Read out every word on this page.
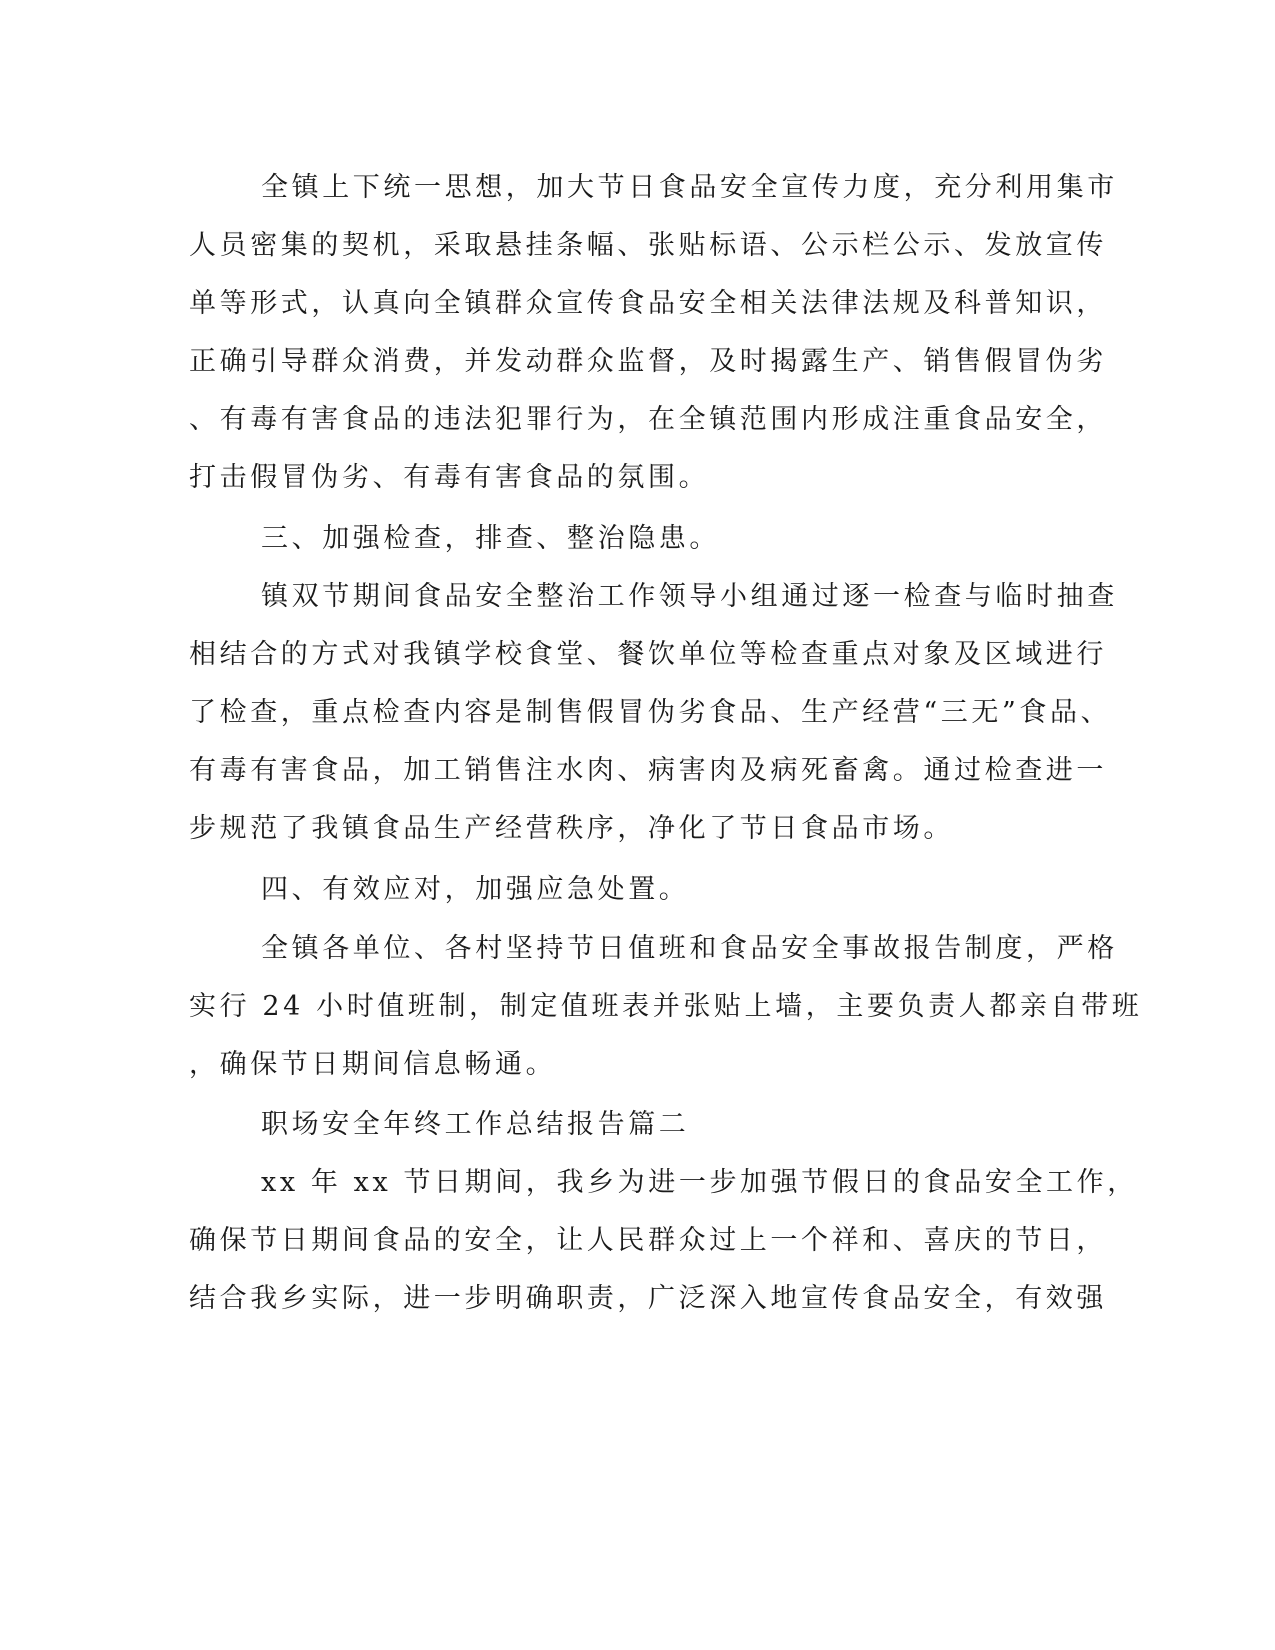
全镇上下统一思想，加大节日食品安全宣传力度，充分利用集市
人员密集的契机，采取悬挂条幅、张贴标语、公示栏公示、发放宣传
单等形式，认真向全镇群众宣传食品安全相关法律法规及科普知识，
正确引导群众消费，并发动群众监督，及时揭露生产、销售假冒伪劣
、有毒有害食品的违法犯罪行为，在全镇范围内形成注重食品安全，
打击假冒伪劣、有毒有害食品的氛围。
三、加强检查，排查、整治隐患。
镇双节期间食品安全整治工作领导小组通过逐一检查与临时抽查
相结合的方式对我镇学校食堂、餐饮单位等检查重点对象及区域进行
了检查，重点检查内容是制售假冒伪劣食品、生产经营“三无”食品、
有毒有害食品，加工销售注水肉、病害肉及病死畜禽。通过检查进一
步规范了我镇食品生产经营秩序，净化了节日食品市场。
四、有效应对，加强应急处置。
全镇各单位、各村坚持节日值班和食品安全事故报告制度，严格
实行 24 小时值班制，制定值班表并张贴上墙，主要负责人都亲自带班
，确保节日期间信息畅通。
职场安全年终工作总结报告篇二
xx 年 xx 节日期间，我乡为进一步加强节假日的食品安全工作，
确保节日期间食品的安全，让人民群众过上一个祥和、喜庆的节日，
结合我乡实际，进一步明确职责，广泛深入地宣传食品安全，有效强
